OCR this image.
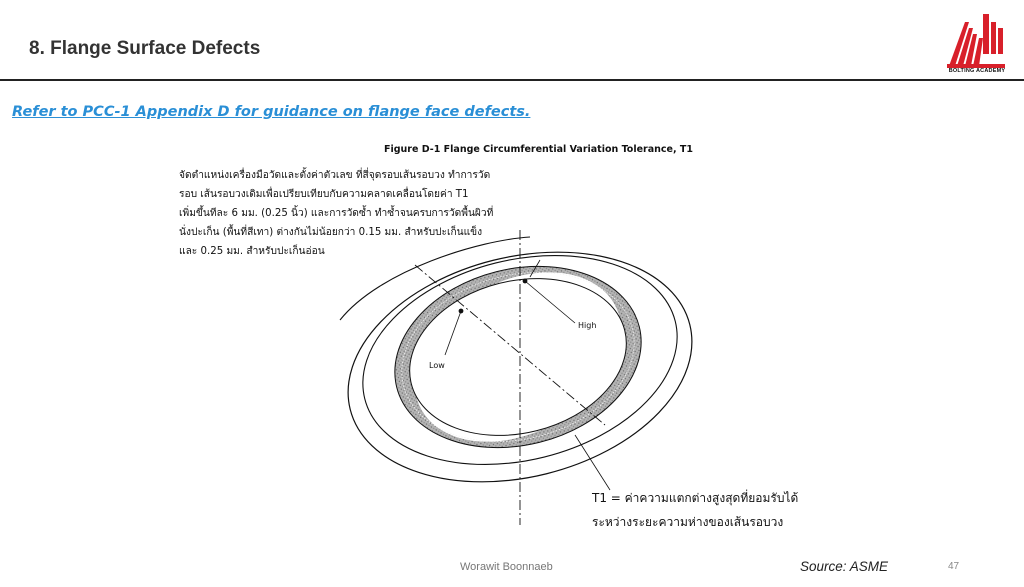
8. Flange Surface Defects
BOLTING ACADEMY
Refer to PCC-1 Appendix D for guidance on flange face defects.
Figure D-1 Flange Circumferential Variation Tolerance, T1
จัดตำแหน่งเครื่องมือวัดและตั้งค่าตัวเลข ที่สี่จุดรอบเส้นรอบวง ทำการวัด
รอบ เส้นรอบวงเดิมเพื่อเปรียบเทียบกับความคลาดเคลื่อนโดยค่า T1
เพิ่มขึ้นทีละ 6 มม. (0.25 นิ้ว) และการวัดซ้ำ ทำซ้ำจนครบการวัดพื้นผิวที่
นั่งปะเก็น (พื้นที่สีเทา) ต่างกันไม่น้อยกว่า 0.15 มม. สำหรับปะเก็นแข็ง
และ 0.25 มม. สำหรับปะเก็นอ่อน
High
Low
T1 = ค่าความแตกต่างสูงสุดที่ยอมรับได้
ระหว่างระยะความห่างของเส้นรอบวง
Worawit Boonnaeb	Source: ASME	47
